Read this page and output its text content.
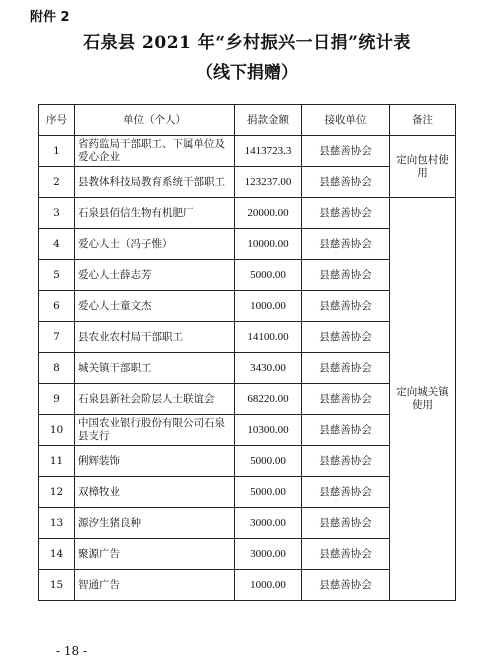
附件 2
石泉县 2021 年“乡村振兴一日捐”统计表
（线下捐赠）
序号	单位（个人）	捐款金额	接收单位	备注
1	省药监局干部职工、下属单位及爱心企业	1413723.3	县慈善协会	定向包村使用
2	县教体科技局教育系统干部职工	123237.00	县慈善协会	
3	石泉县佰信生物有机肥厂	20000.00	县慈善协会	定向城关镇使用
4	爱心人士（冯子惟）	10000.00	县慈善协会	
5	爱心人士薛志芳	5000.00	县慈善协会	
6	爱心人士童文杰	1000.00	县慈善协会	
7	县农业农村局干部职工	14100.00	县慈善协会	
8	城关镇干部职工	3430.00	县慈善协会	
9	石泉县新社会阶层人士联谊会	68220.00	县慈善协会	
10	中国农业银行股份有限公司石泉县支行	10300.00	县慈善协会	
11	俐辉装饰	5000.00	县慈善协会	
12	双樟牧业	5000.00	县慈善协会	
13	源汐生猪良种	3000.00	县慈善协会	
14	聚源广告	3000.00	县慈善协会	
15	智通广告	1000.00	县慈善协会	
- 18 -
